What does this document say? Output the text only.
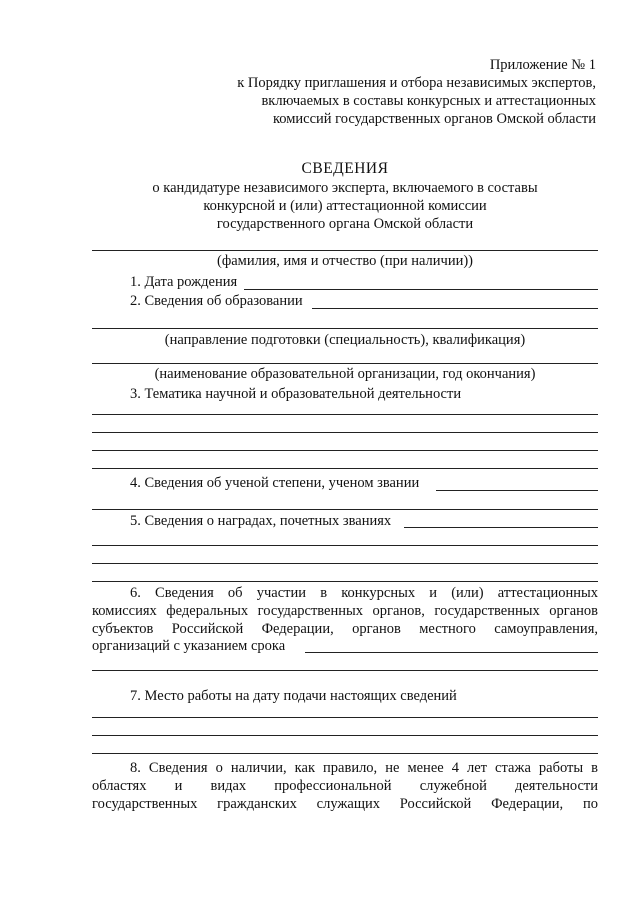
Приложение № 1
к Порядку приглашения и отбора независимых экспертов,
включаемых в составы конкурсных и аттестационных
комиссий государственных органов Омской области
СВЕДЕНИЯ
о кандидатуре независимого эксперта, включаемого в составы
конкурсной и (или) аттестационной комиссии
государственного органа Омской области
(фамилия, имя и отчество (при наличии))
1. Дата рождения
2. Сведения об образовании
(направление подготовки (специальность), квалификация)
(наименование образовательной организации, год окончания)
3. Тематика научной и образовательной деятельности
4. Сведения об ученой степени, ученом звании
5. Сведения о наградах, почетных званиях
6. Сведения об участии в конкурсных и (или) аттестационных
комиссиях федеральных государственных органов, государственных органов
субъектов Российской Федерации, органов местного самоуправления,
организаций с указанием срока
7. Место работы на дату подачи настоящих сведений
8. Сведения о наличии, как правило, не менее 4 лет стажа работы в
областях и видах профессиональной служебной деятельности
государственных гражданских служащих Российской Федерации, по
